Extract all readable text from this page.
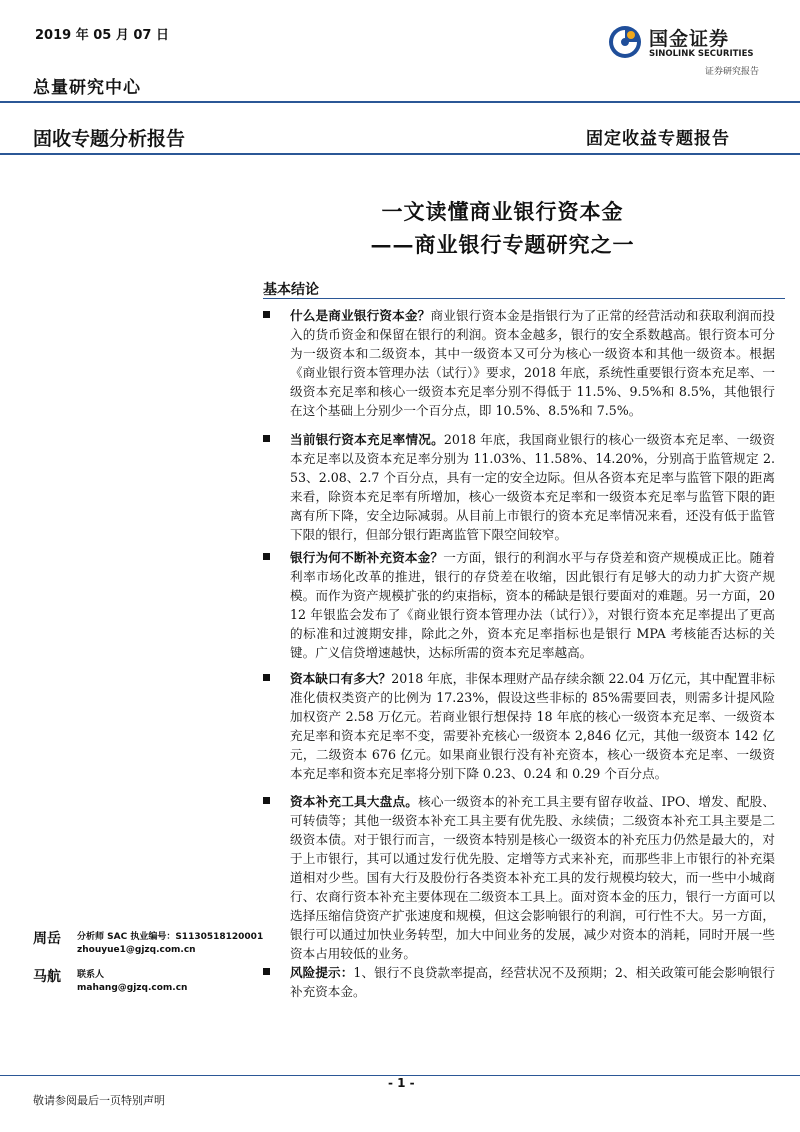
2019 年 05 月 07 日
总量研究中心
国金证券
SINOLINK SECURITIES
证券研究报告
固收专题分析报告	固定收益专题报告
一文读懂商业银行资本金
——商业银行专题研究之一
基本结论
什么是商业银行资本金？商业银行资本金是指银行为了正常的经营活动和获取利润而投入的货币资金和保留在银行的利润。资本金越多，银行的安全系数越高。银行资本可分为一级资本和二级资本，其中一级资本又可分为核心一级资本和其他一级资本。根据《商业银行资本管理办法（试行）》要求，2018 年底，系统性重要银行资本充足率、一级资本充足率和核心一级资本充足率分别不得低于 11.5%、9.5%和 8.5%，其他银行在这个基础上分别少一个百分点，即 10.5%、8.5%和 7.5%。
当前银行资本充足率情况。2018 年底，我国商业银行的核心一级资本充足率、一级资本充足率以及资本充足率分别为 11.03%、11.58%、14.20%，分别高于监管规定 2.53、2.08、2.7 个百分点，具有一定的安全边际。但从各资本充足率与监管下限的距离来看，除资本充足率有所增加，核心一级资本充足率和一级资本充足率与监管下限的距离有所下降，安全边际减弱。从目前上市银行的资本充足率情况来看，还没有低于监管下限的银行，但部分银行距离监管下限空间较窄。
银行为何不断补充资本金？一方面，银行的利润水平与存贷差和资产规模成正比。随着利率市场化改革的推进，银行的存贷差在收缩，因此银行有足够大的动力扩大资产规模。而作为资产规模扩张的约束指标，资本的稀缺是银行要面对的难题。另一方面，2012 年银监会发布了《商业银行资本管理办法（试行）》，对银行资本充足率提出了更高的标准和过渡期安排，除此之外，资本充足率指标也是银行 MPA 考核能否达标的关键。广义信贷增速越快，达标所需的资本充足率越高。
资本缺口有多大？2018 年底，非保本理财产品存续余额 22.04 万亿元，其中配置非标准化债权类资产的比例为 17.23%，假设这些非标的 85%需要回表，则需多计提风险加权资产 2.58 万亿元。若商业银行想保持 18 年底的核心一级资本充足率、一级资本充足率和资本充足率不变，需要补充核心一级资本 2,846 亿元，其他一级资本 142 亿元，二级资本 676 亿元。如果商业银行没有补充资本，核心一级资本充足率、一级资本充足率和资本充足率将分别下降 0.23、0.24 和 0.29 个百分点。
资本补充工具大盘点。核心一级资本的补充工具主要有留存收益、IPO、增发、配股、可转债等；其他一级资本补充工具主要有优先股、永续债；二级资本补充工具主要是二级资本债。对于银行而言，一级资本特别是核心一级资本的补充压力仍然是最大的，对于上市银行，其可以通过发行优先股、定增等方式来补充，而那些非上市银行的补充渠道相对少些。国有大行及股份行各类资本补充工具的发行规模均较大，而一些中小城商行、农商行资本补充主要体现在二级资本工具上。面对资本金的压力，银行一方面可以选择压缩信贷资产扩张速度和规模，但这会影响银行的利润，可行性不大。另一方面，银行可以通过加快业务转型，加大中间业务的发展，减少对资本的消耗，同时开展一些资本占用较低的业务。
风险提示：1、银行不良贷款率提高，经营状况不及预期；2、相关政策可能会影响银行补充资本金。
周岳 分析师 SAC 执业编号：S1130518120001
zhouyue1@gjzq.com.cn
马航 联系人
mahang@gjzq.com.cn
- 1 -
敬请参阅最后一页特别声明
